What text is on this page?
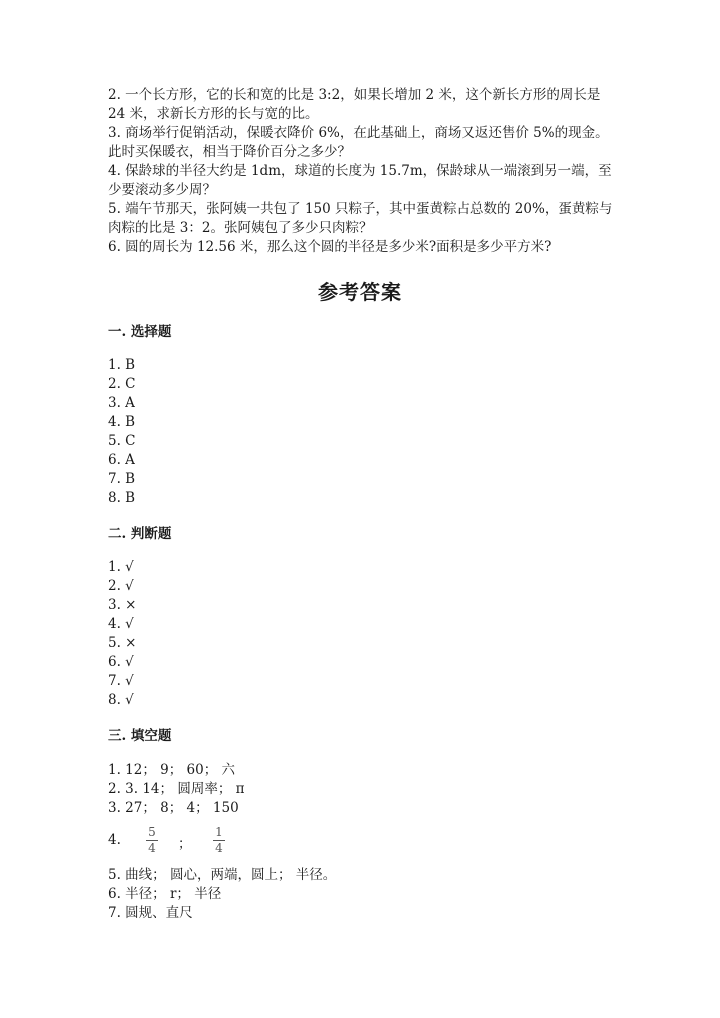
2. 一个长方形，它的长和宽的比是 3:2，如果长增加 2 米，这个新长方形的周长是 24 米，求新长方形的长与宽的比。

3. 商场举行促销活动，保暖衣降价 6%，在此基础上，商场又返还售价 5%的现金。此时买保暖衣，相当于降价百分之多少？

4. 保龄球的半径大约是 1dm，球道的长度为 15.7m，保龄球从一端滚到另一端，至少要滚动多少周？

5. 端午节那天，张阿姨一共包了 150 只粽子，其中蛋黄粽占总数的 20%，蛋黄粽与肉粽的比是 3：2。张阿姨包了多少只肉粽？

6. 圆的周长为 12.56 米，那么这个圆的半径是多少米?面积是多少平方米?

参考答案
一. 选择题
1. B
2. C
3. A
4. B
5. C
6. A
7. B
8. B
二. 判断题
1. √
2. √
3. ×
4. √
5. ×
6. √
7. √
8. √
三. 填空题
1. 12； 9； 60； 六
2. 3. 14； 圆周率； π
3. 27； 8； 4； 150
4. 5
4 ；
1
4
5. 曲线； 圆心，两端，圆上； 半径。
6. 半径； r； 半径
7. 圆规、直尺
